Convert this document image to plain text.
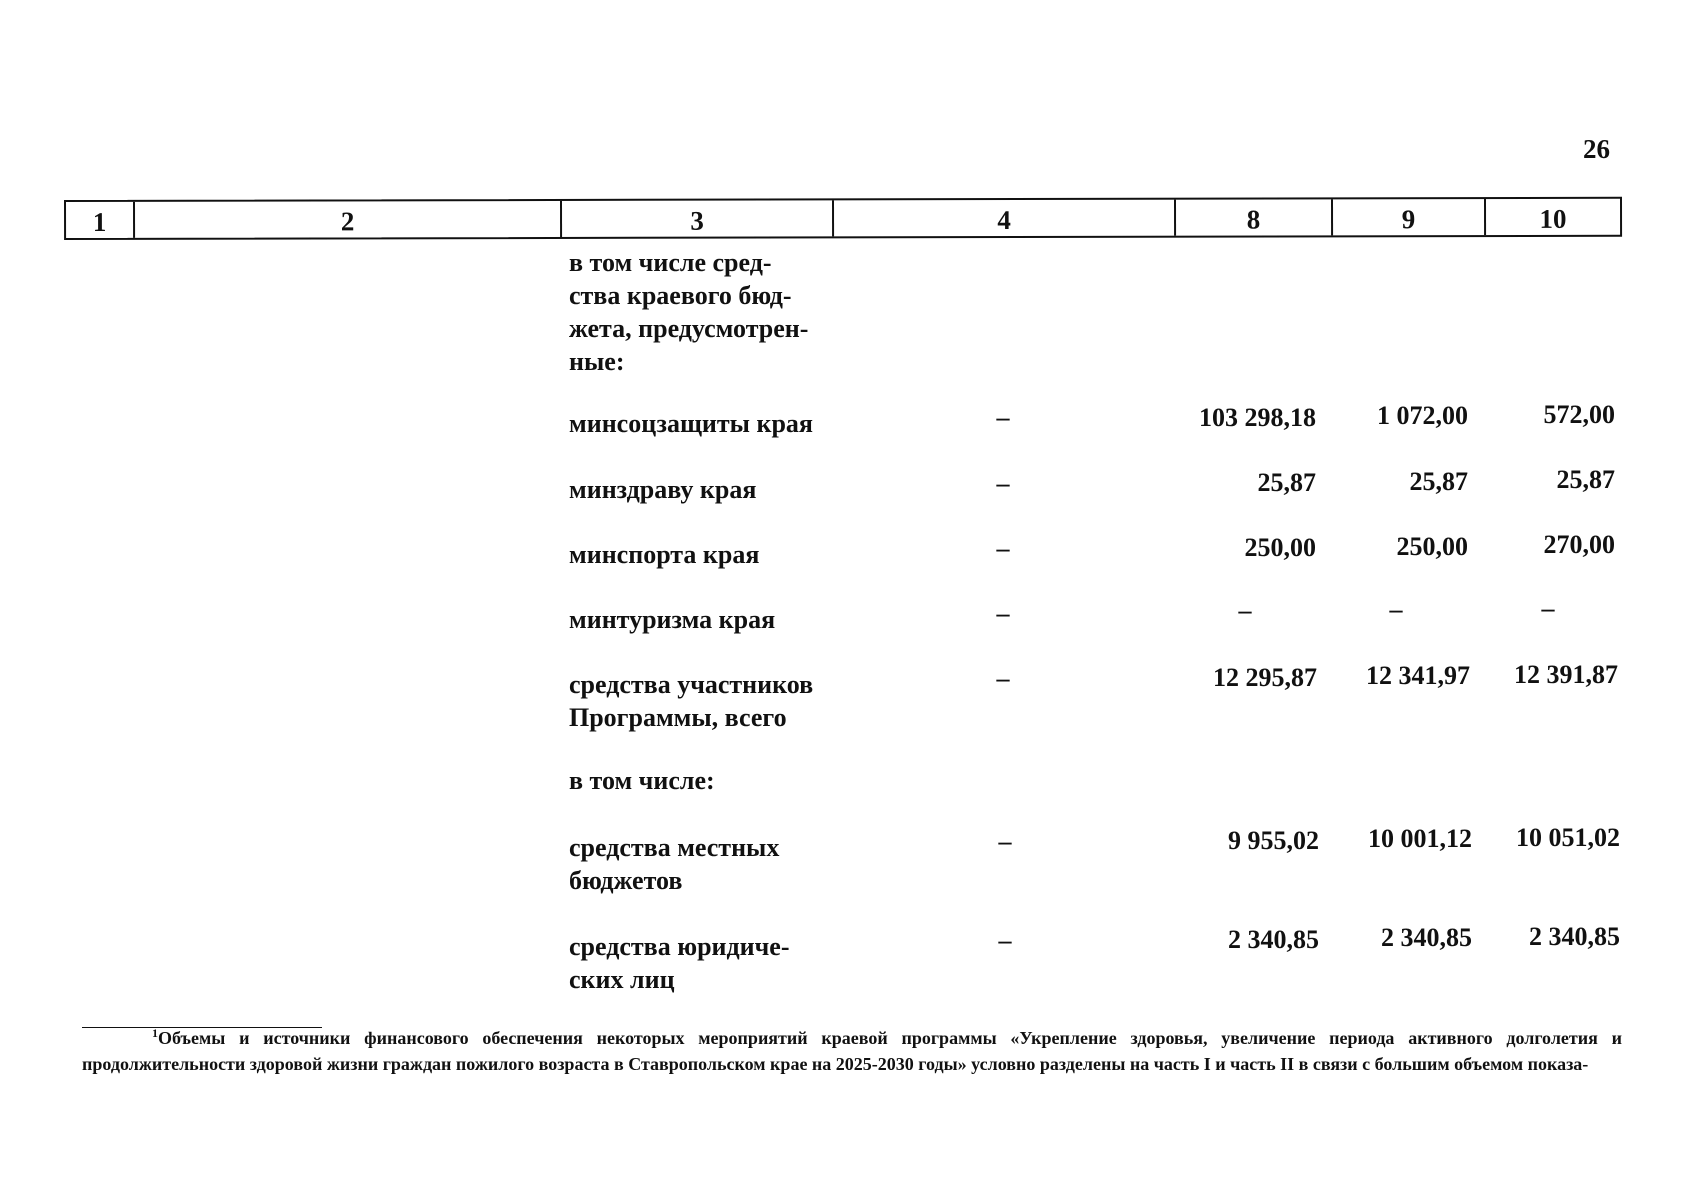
26
1	2	3	4	8	9	10
в том числе сред-
ства краевого бюд-
жета, предусмотрен-
ные:
минсоцзащиты края	–	103 298,18	1 072,00	572,00
минздраву края	–	25,87	25,87	25,87
минспорта края	–	250,00	250,00	270,00
минтуризма края	–	–	–	–
средства участников
Программы, всего
–	12 295,87	12 341,97	12 391,87
в том числе:
средства местных
бюджетов
–	9 955,02	10 001,12	10 051,02
средства юридиче-
ских лиц
–	2 340,85	2 340,85	2 340,85
$^1$Объемы и источники финансового обеспечения некоторых мероприятий краевой программы «Укрепление здоровья, увеличение периода активного долголетия и продолжительности здоровой жизни граждан пожилого возраста в Ставропольском крае на 2025-2030 годы» условно разделены на часть I и часть II в связи с большим объемом показа-
